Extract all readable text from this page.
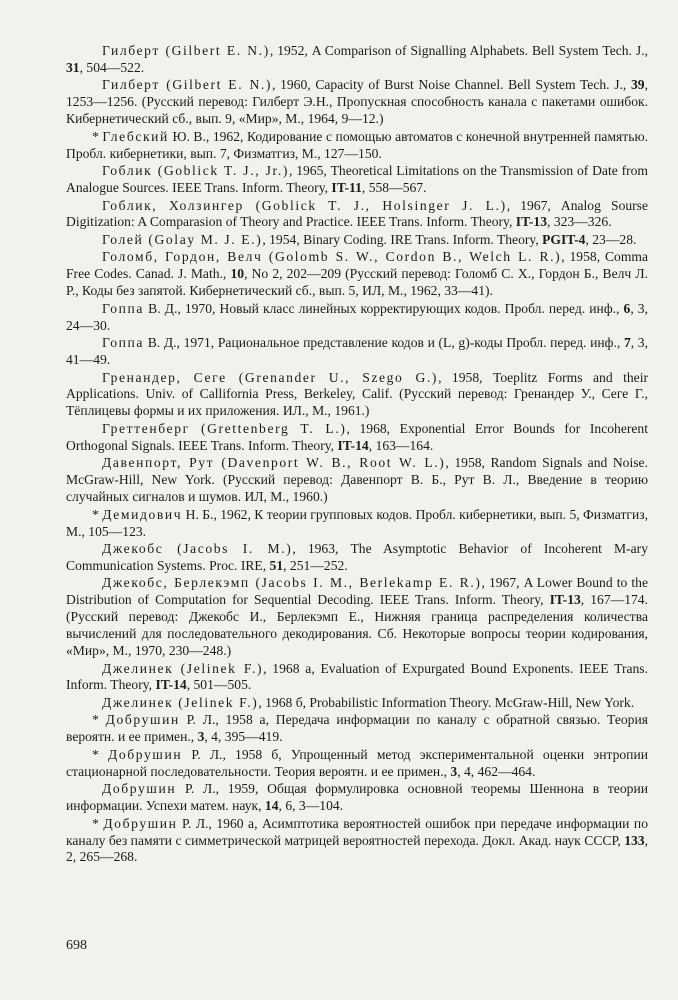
Гилберт (Gilbert E. N.), 1952, A Comparison of Signalling Alphabets. Bell System Tech. J., 31, 504—522.

Гилберт (Gilbert E. N.), 1960, Capacity of Burst Noise Channel. Bell System Tech. J., 39, 1253—1256. (Русский перевод: Гилберт Э.Н., Пропускная способность канала с пакетами ошибок. Кибернетический сб., вып. 9, «Мир», М., 1964, 9—12.)

* Глебский Ю. В., 1962, Кодирование с помощью автоматов с конечной внутренней памятью. Пробл. кибернетики, вып. 7, Физматгиз, М., 127—150.

Гоблик (Goblick T. J., Jr.), 1965, Theoretical Limitations on the Transmission of Date from Analogue Sources. IEEE Trans. Inform. Theory, IT-11, 558—567.

Гоблик, Холзингер (Goblick T. J., Holsinger J. L.), 1967, Analog Sourse Digitization: A Comparasion of Theory and Practice. IEEE Trans. Inform. Theory, IT-13, 323—326.

Голей (Golay M. J. E.), 1954, Binary Coding. IRE Trans. Inform. Theory, PGIT-4, 23—28.

Голомб, Гордон, Велч (Golomb S. W., Cordon B., Welch L. R.), 1958, Comma Free Codes. Canad. J. Math., 10, No 2, 202—209 (Русский перевод: Голомб С. Х., Гордон Б., Велч Л. Р., Коды без запятой. Кибернетический сб., вып. 5, ИЛ, М., 1962, 33—41).

Гоппа В. Д., 1970, Новый класс линейных корректирующих кодов. Пробл. перед. инф., 6, 3, 24—30.

Гоппа В. Д., 1971, Рациональное представление кодов и (L, g)-коды Пробл. перед. инф., 7, 3, 41—49.

Гренандер, Сеге (Grenander U., Szego G.), 1958, Toeplitz Forms and their Applications. Univ. of Callifornia Press, Berkeley, Calif. (Русский перевод: Гренандер У., Сеге Г., Тёплицевы формы и их приложения. ИЛ., М., 1961.)

Греттенберг (Grettenberg T. L.), 1968, Exponential Error Bounds for Incoherent Orthogonal Signals. IEEE Trans. Inform. Theory, IT-14, 163—164.

Давенпорт, Рут (Davenport W. B., Root W. L.), 1958, Random Signals and Noise. McGraw-Hill, New York. (Русский перевод: Давенпорт В. Б., Рут В. Л., Введение в теорию случайных сигналов и шумов. ИЛ, М., 1960.)

* Демидович Н. Б., 1962, К теории групповых кодов. Пробл. кибернетики, вып. 5, Физматгиз, М., 105—123.

Джекобс (Jacobs I. M.), 1963, The Asymptotic Behavior of Incoherent M-ary Communication Systems. Proc. IRE, 51, 251—252.

Джекобс, Берлекэмп (Jacobs I. M., Berlekamp E. R.), 1967, A Lower Bound to the Distribution of Computation for Sequential Decoding. IEEE Trans. Inform. Theory, IT-13, 167—174. (Русский перевод: Джекобс И., Берлекэмп Е., Нижняя граница распределения количества вычислений для последовательного декодирования. Сб. Некоторые вопросы теории кодирования, «Мир», М., 1970, 230—248.)

Джелинек (Jelinek F.), 1968 а, Evaluation of Expurgated Bound Exponents. IEEE Trans. Inform. Theory, IT-14, 501—505.

Джелинек (Jelinek F.), 1968 б, Probabilistic Information Theory. McGraw-Hill, New York.

* Добрушин Р. Л., 1958 а, Передача информации по каналу с обратной связью. Теория вероятн. и ее примен., 3, 4, 395—419.

* Добрушин Р. Л., 1958 б, Упрощенный метод экспериментальной оценки энтропии стационарной последовательности. Теория вероятн. и ее примен., 3, 4, 462—464.

Добрушин Р. Л., 1959, Общая формулировка основной теоремы Шеннона в теории информации. Успехи матем. наук, 14, 6, 3—104.

* Добрушин Р. Л., 1960 а, Асимптотика вероятностей ошибок при передаче информации по каналу без памяти с симметрической матрицей вероятностей перехода. Докл. Акад. наук СССР, 133, 2, 265—268.

698
